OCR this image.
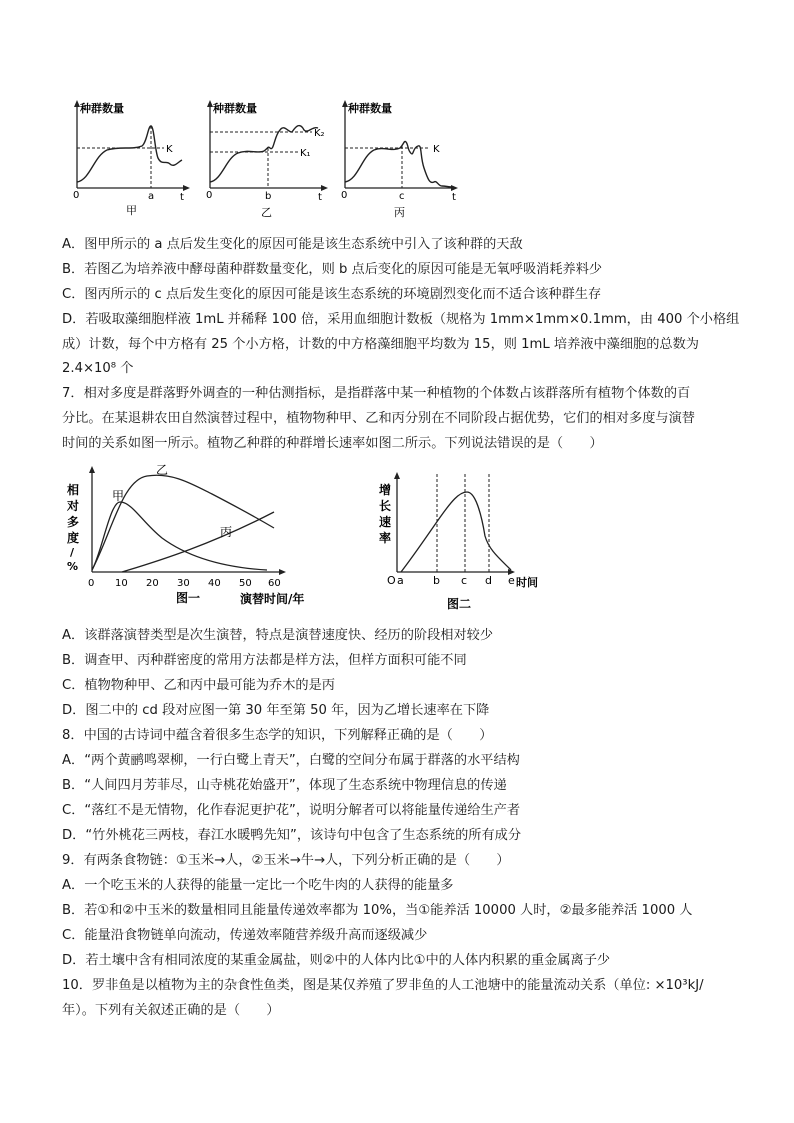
种群数量
K
0	a	t
甲
种群数量
K₂
K₁
0	b	t
乙
种群数量
K
0	c	t
丙
A．图甲所示的 a 点后发生变化的原因可能是该生态系统中引入了该种群的天敌
B．若图乙为培养液中酵母菌种群数量变化，则 b 点后变化的原因可能是无氧呼吸消耗养料少
C．图丙所示的 c 点后发生变化的原因可能是该生态系统的环境剧烈变化而不适合该种群生存
D．若吸取藻细胞样液 1mL 并稀释 100 倍，采用血细胞计数板（规格为 1mm×1mm×0.1mm，由 400 个小格组
成）计数，每个中方格有 25 个小方格，计数的中方格藻细胞平均数为 15，则 1mL 培养液中藻细胞的总数为
2.4×10⁸ 个
7．相对多度是群落野外调查的一种估测指标，是指群落中某一种植物的个体数占该群落所有植物个体数的百
分比。在某退耕农田自然演替过程中，植物物种甲、乙和丙分别在不同阶段占据优势，它们的相对多度与演替
时间的关系如图一所示。植物乙种群的种群增长速率如图二所示。下列说法错误的是（　　）
相
对
多
度
/
%
甲
乙
丙
0 10 20 30 40 50 60
图一	演替时间/年
增
长
速
率
O a	b c d e 时间
图二
A．该群落演替类型是次生演替，特点是演替速度快、经历的阶段相对较少
B．调查甲、丙种群密度的常用方法都是样方法，但样方面积可能不同
C．植物物种甲、乙和丙中最可能为乔木的是丙
D．图二中的 cd 段对应图一第 30 年至第 50 年，因为乙增长速率在下降
8．中国的古诗词中蕴含着很多生态学的知识，下列解释正确的是（　　）
A．“两个黄鹂鸣翠柳，一行白鹭上青天”，白鹭的空间分布属于群落的水平结构
B．“人间四月芳菲尽，山寺桃花始盛开”，体现了生态系统中物理信息的传递
C．“落红不是无情物，化作春泥更护花”，说明分解者可以将能量传递给生产者
D．“竹外桃花三两枝，春江水暖鸭先知”，该诗句中包含了生态系统的所有成分
9．有两条食物链：①玉米→人，②玉米→牛→人，下列分析正确的是（　　）
A．一个吃玉米的人获得的能量一定比一个吃牛肉的人获得的能量多
B．若①和②中玉米的数量相同且能量传递效率都为 10%，当①能养活 10000 人时，②最多能养活 1000 人
C．能量沿食物链单向流动，传递效率随营养级升高而逐级减少
D．若土壤中含有相同浓度的某重金属盐，则②中的人体内比①中的人体内积累的重金属离子少
10．罗非鱼是以植物为主的杂食性鱼类，图是某仅养殖了罗非鱼的人工池塘中的能量流动关系（单位: ×10³kJ/
年）。下列有关叙述正确的是（　　）
